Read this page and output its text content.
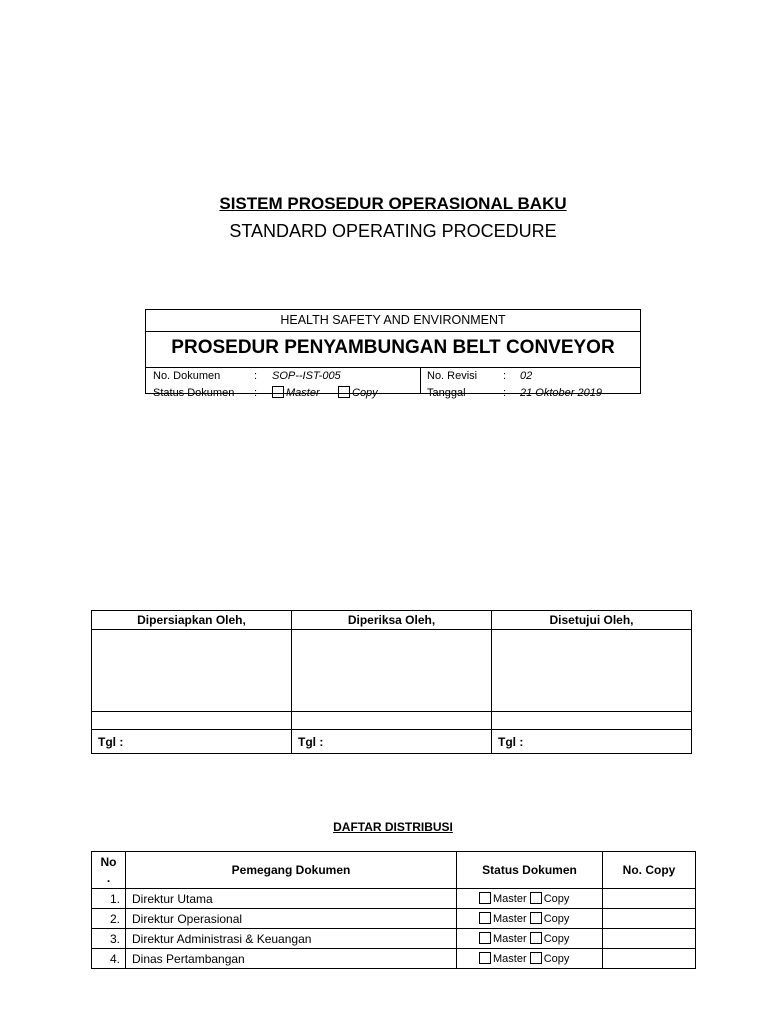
SISTEM PROSEDUR OPERASIONAL BAKU
STANDARD OPERATING PROCEDURE
HEALTH SAFETY AND ENVIRONMENT
PROSEDUR PENYAMBUNGAN BELT CONVEYOR
No. Dokumen	: SOP--IST-005
Status Dokumen :	Master	Copy
No. Revisi : 02
Tanggal	: 21 Oktober 2019
Dipersiapkan Oleh,	Diperiksa Oleh,	Disetujui Oleh,

Tgl :	Tgl :	Tgl :
DAFTAR DISTRIBUSI
No
.	Pemegang Dokumen	Status Dokumen	No. Copy
1.	Direktur Utama	Master Copy	
2.	Direktur Operasional	Master Copy	
3.	Direktur Administrasi & Keuangan	Master Copy	
4.	Dinas Pertambangan	Master Copy	
